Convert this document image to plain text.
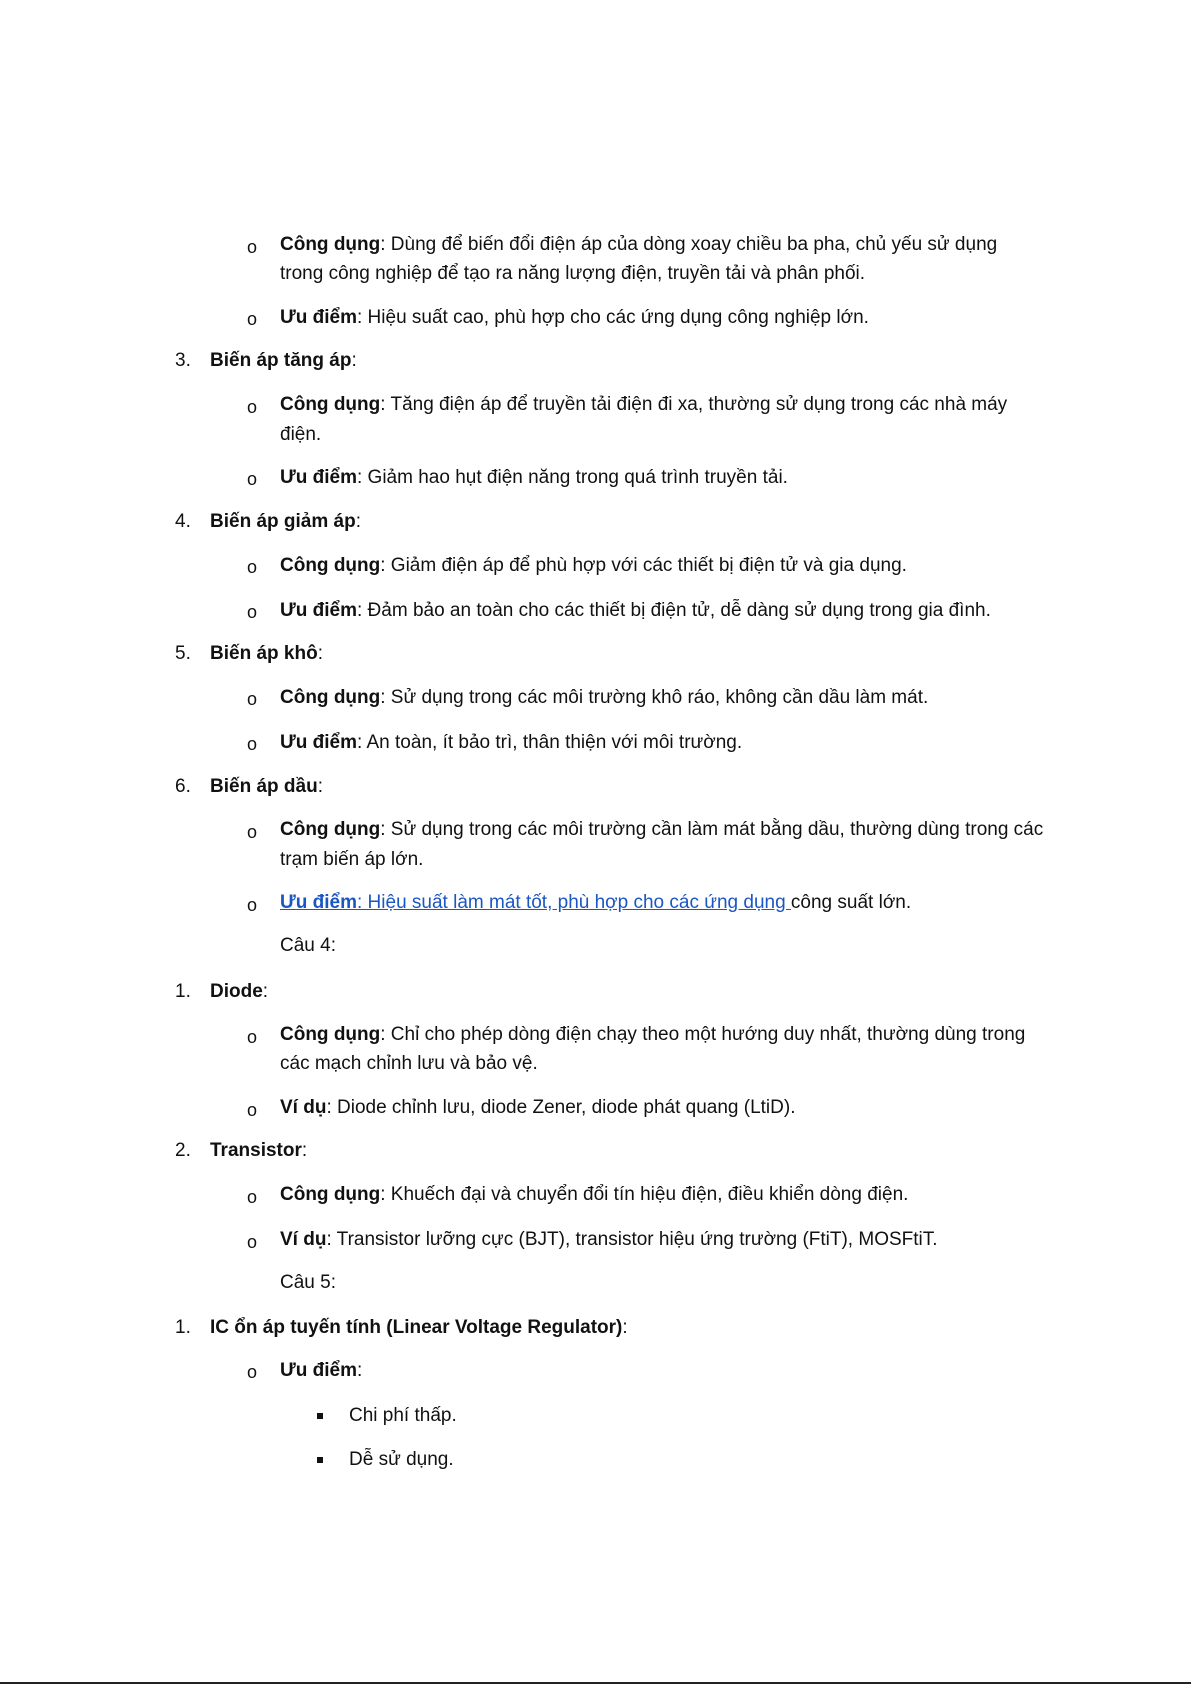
o Công dụng: Dùng để biến đổi điện áp của dòng xoay chiều ba pha, chủ yếu sử dụng
trong công nghiệp để tạo ra năng lượng điện, truyền tải và phân phối.
o Ưu điểm: Hiệu suất cao, phù hợp cho các ứng dụng công nghiệp lớn.
3. Biến áp tăng áp:
o Công dụng: Tăng điện áp để truyền tải điện đi xa, thường sử dụng trong các nhà máy
điện.
o Ưu điểm: Giảm hao hụt điện năng trong quá trình truyền tải.
4. Biến áp giảm áp:
o Công dụng: Giảm điện áp để phù hợp với các thiết bị điện tử và gia dụng.
o Ưu điểm: Đảm bảo an toàn cho các thiết bị điện tử, dễ dàng sử dụng trong gia đình.
5. Biến áp khô:
o Công dụng: Sử dụng trong các môi trường khô ráo, không cần dầu làm mát.
o Ưu điểm: An toàn, ít bảo trì, thân thiện với môi trường.
6. Biến áp dầu:
o Công dụng: Sử dụng trong các môi trường cần làm mát bằng dầu, thường dùng trong các
trạm biến áp lớn.
o Ưu điểm: Hiệu suất làm mát tốt, phù hợp cho các ứng dụng công suất lớn.
Câu 4:
1. Diode:
o Công dụng: Chỉ cho phép dòng điện chạy theo một hướng duy nhất, thường dùng trong
các mạch chỉnh lưu và bảo vệ.
o Ví dụ: Diode chỉnh lưu, diode Zener, diode phát quang (LtiD).
2. Transistor:
o Công dụng: Khuếch đại và chuyển đổi tín hiệu điện, điều khiển dòng điện.
o Ví dụ: Transistor lưỡng cực (BJT), transistor hiệu ứng trường (FtiT), MOSFtiT.
Câu 5:
1. IC ổn áp tuyến tính (Linear Voltage Regulator):
o Ưu điểm:
Chi phí thấp.
Dễ sử dụng.
